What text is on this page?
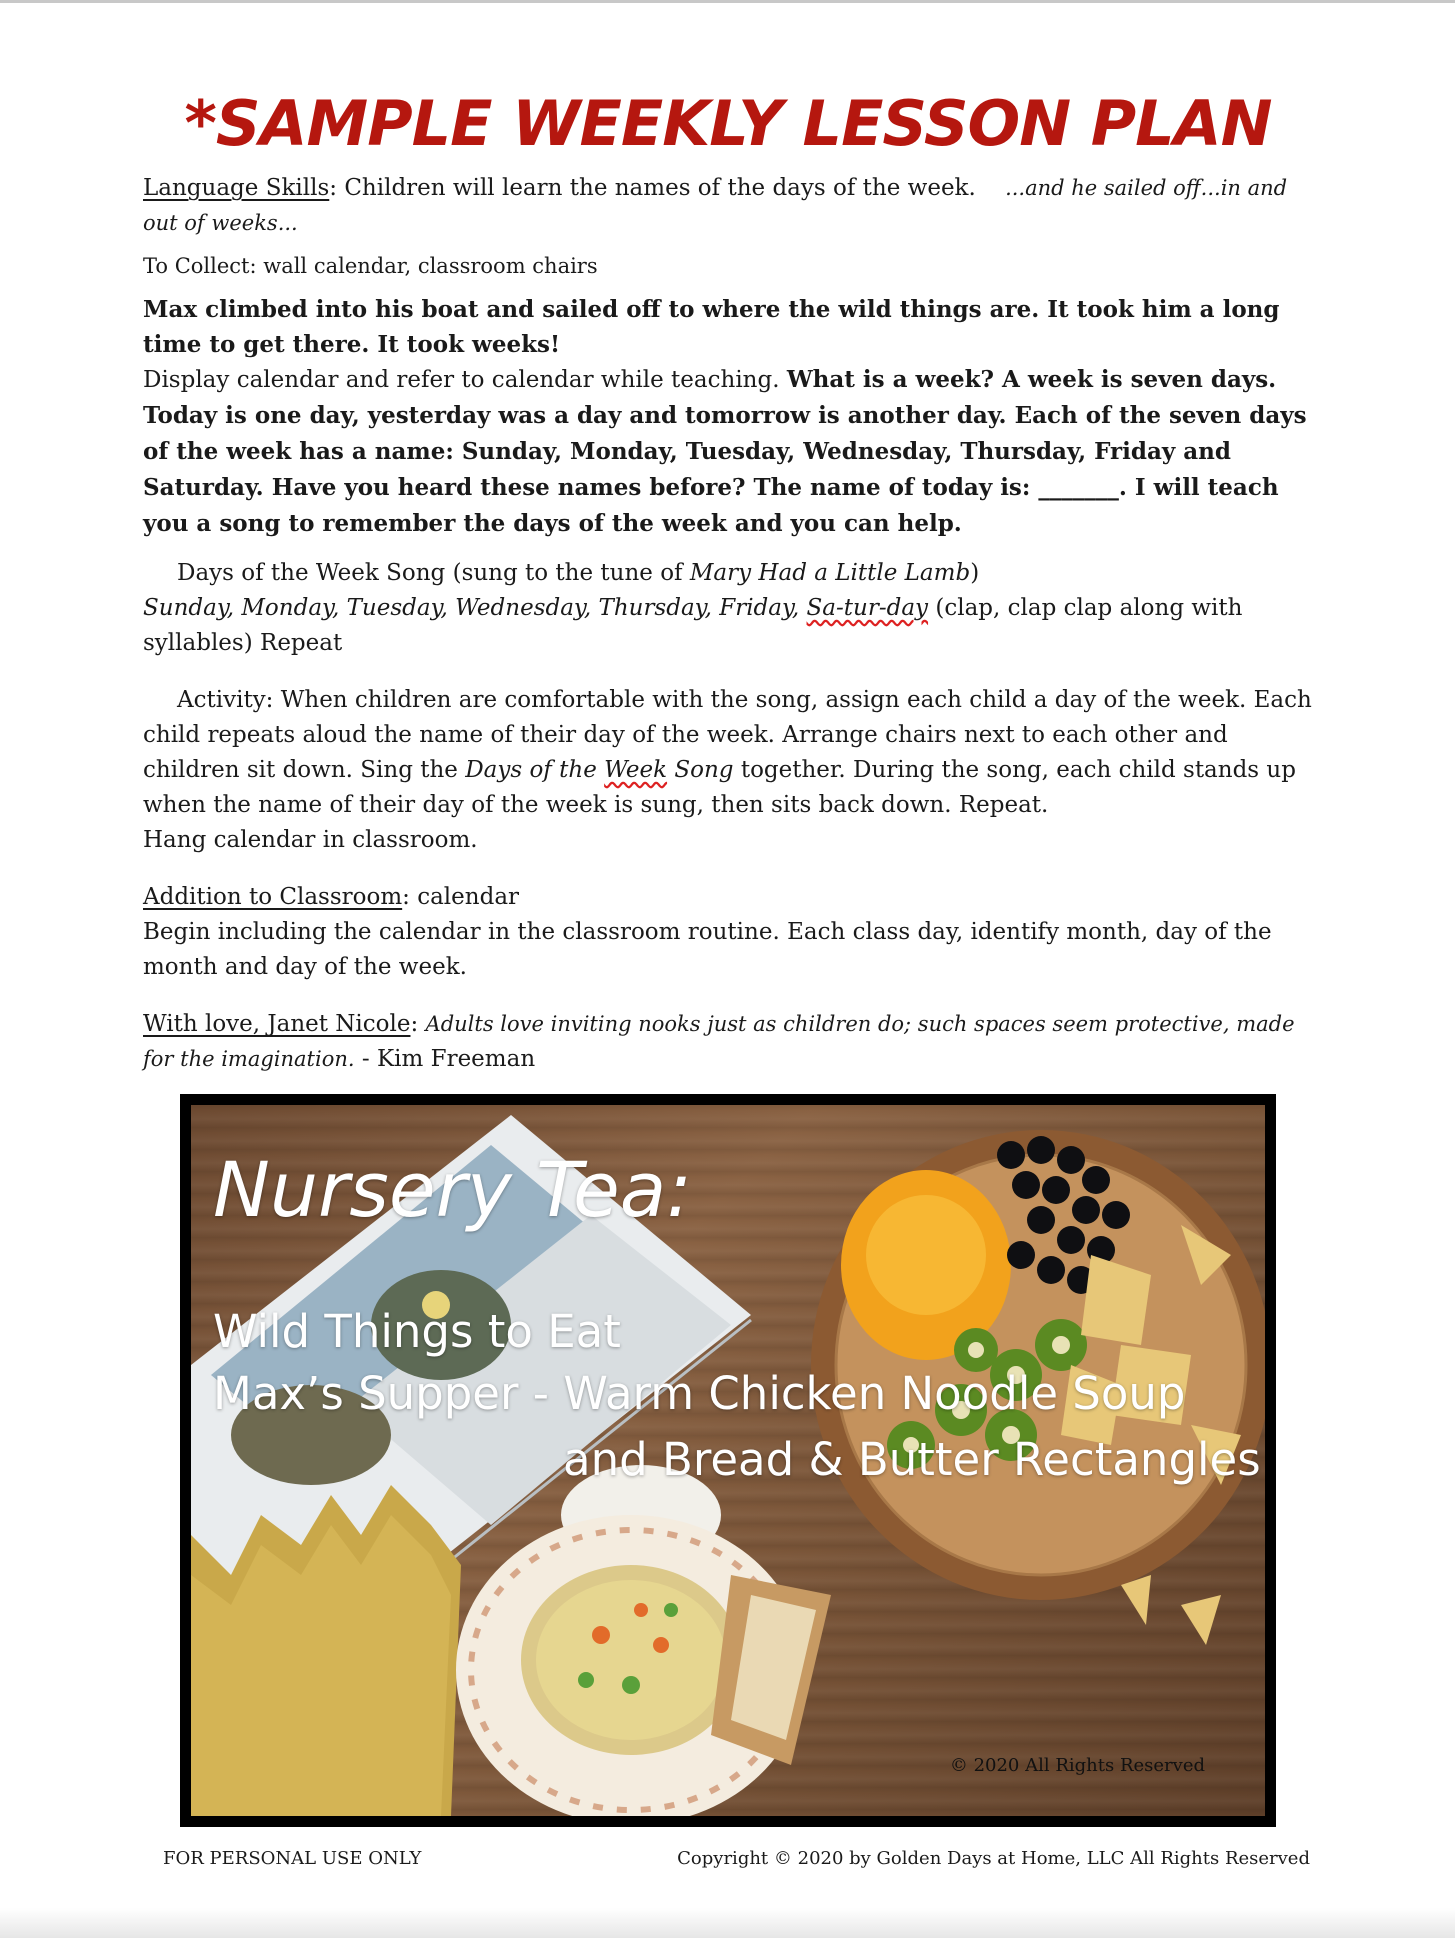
*SAMPLE WEEKLY LESSON PLAN

Language Skills: Children will learn the names of the days of the week. ...and he sailed off...in and out of weeks...

To Collect: wall calendar, classroom chairs

Max climbed into his boat and sailed off to where the wild things are. It took him a long time to get there. It took weeks!

Display calendar and refer to calendar while teaching. What is a week? A week is seven days. Today is one day, yesterday was a day and tomorrow is another day. Each of the seven days of the week has a name: Sunday, Monday, Tuesday, Wednesday, Thursday, Friday and Saturday. Have you heard these names before? The name of today is: _______. I will teach you a song to remember the days of the week and you can help.

Days of the Week Song (sung to the tune of Mary Had a Little Lamb)

Sunday, Monday, Tuesday, Wednesday, Thursday, Friday, Sa-tur-day (clap, clap clap along with syllables) Repeat

Activity: When children are comfortable with the song, assign each child a day of the week. Each child repeats aloud the name of their day of the week. Arrange chairs next to each other and children sit down. Sing the Days of the Week Song together. During the song, each child stands up when the name of their day of the week is sung, then sits back down. Repeat.

Hang calendar in classroom.

Addition to Classroom: calendar

Begin including the calendar in the classroom routine. Each class day, identify month, day of the month and day of the week.

With love, Janet Nicole: Adults love inviting nooks just as children do; such spaces seem protective, made for the imagination. - Kim Freeman

Nursery Tea:
Wild Things to Eat
Max’s Supper - Warm Chicken Noodle Soup
and Bread & Butter Rectangles
© 2020 All Rights Reserved
FOR PERSONAL USE ONLY	Copyright © 2020 by Golden Days at Home, LLC All Rights Reserved
